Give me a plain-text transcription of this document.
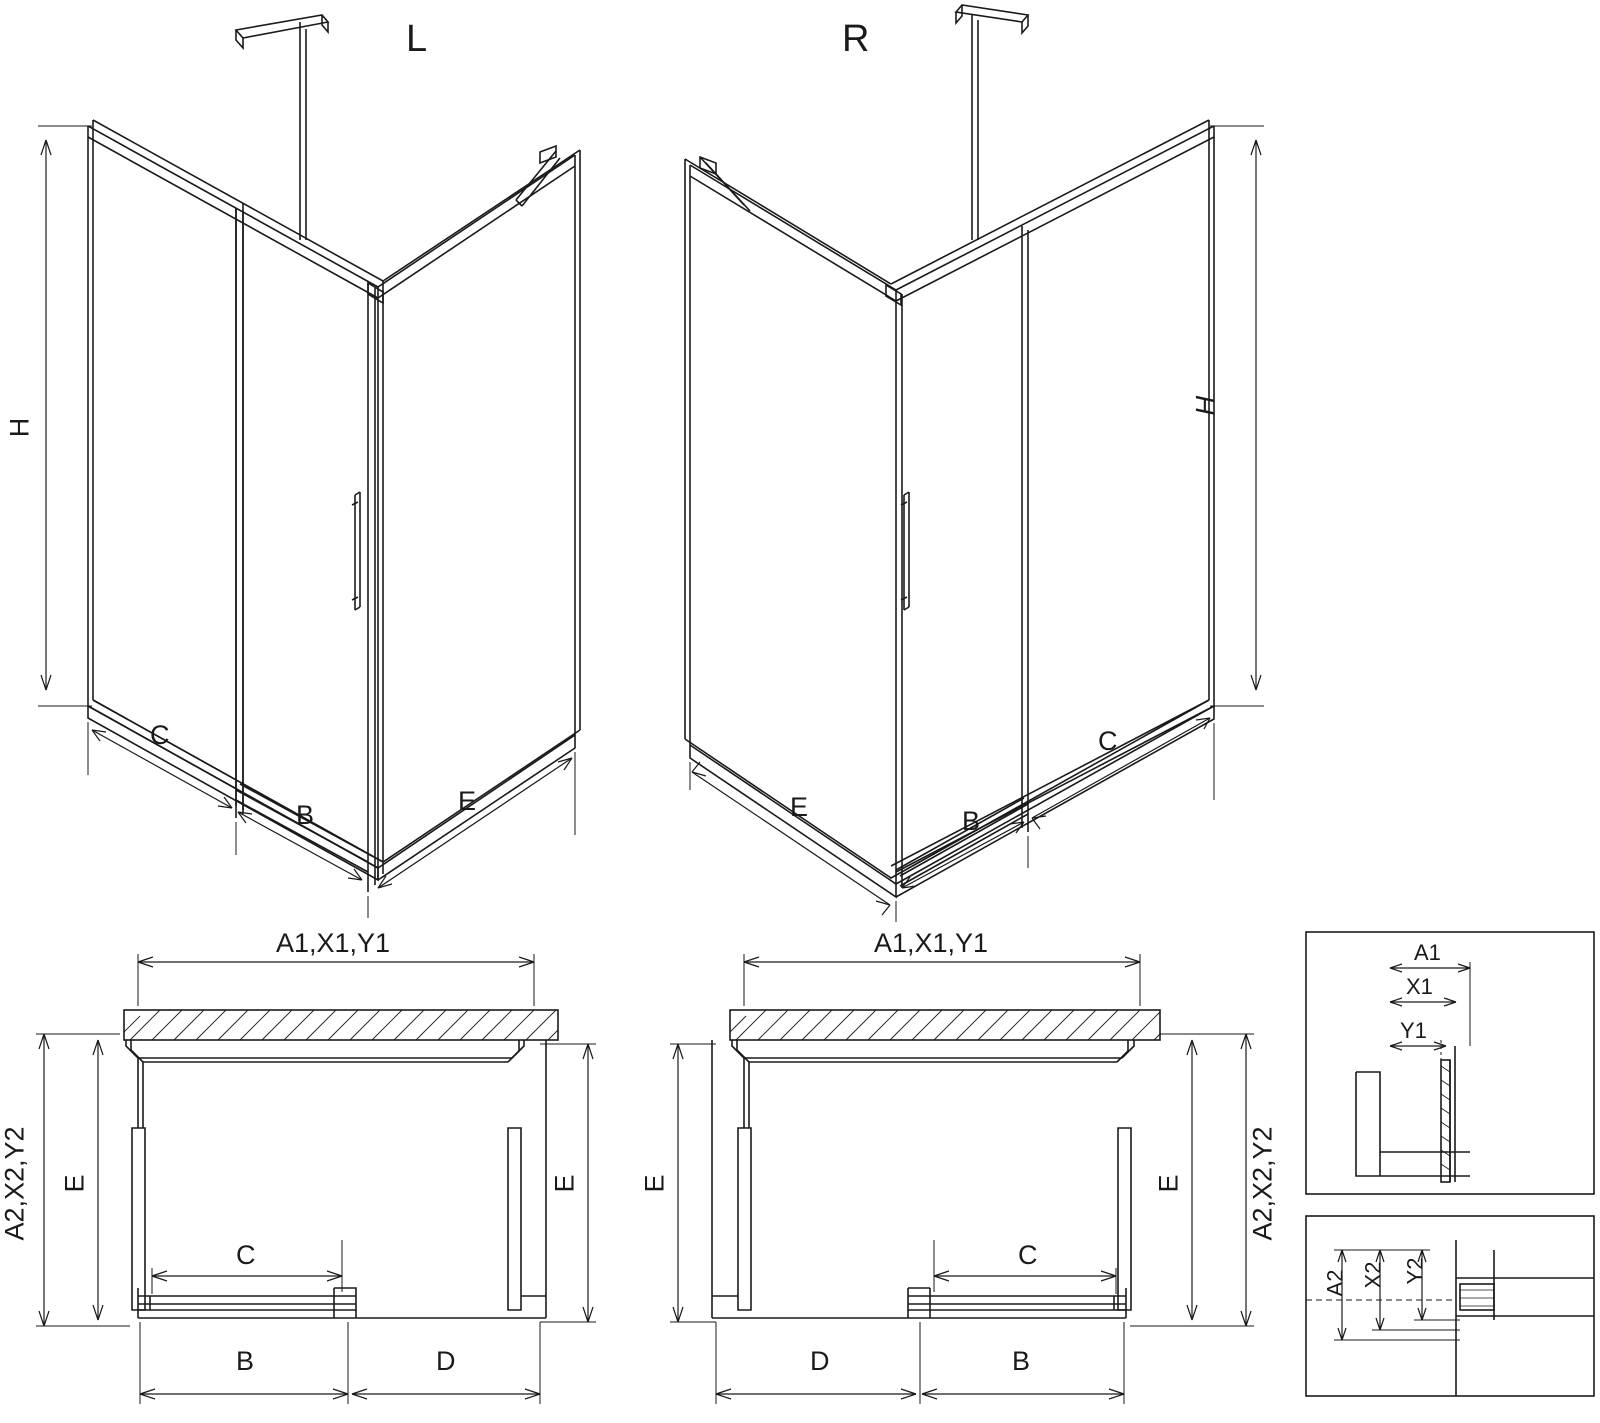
L	R
H
C
B	E
H
E	B
C
A1,X1,Y1
A2,X2,Y2 E	E
C
B	D
A1,X1,Y1
A2,X2,Y2
E	E
C
D	B
A1
X1
Y1
A2 X2 Y2
